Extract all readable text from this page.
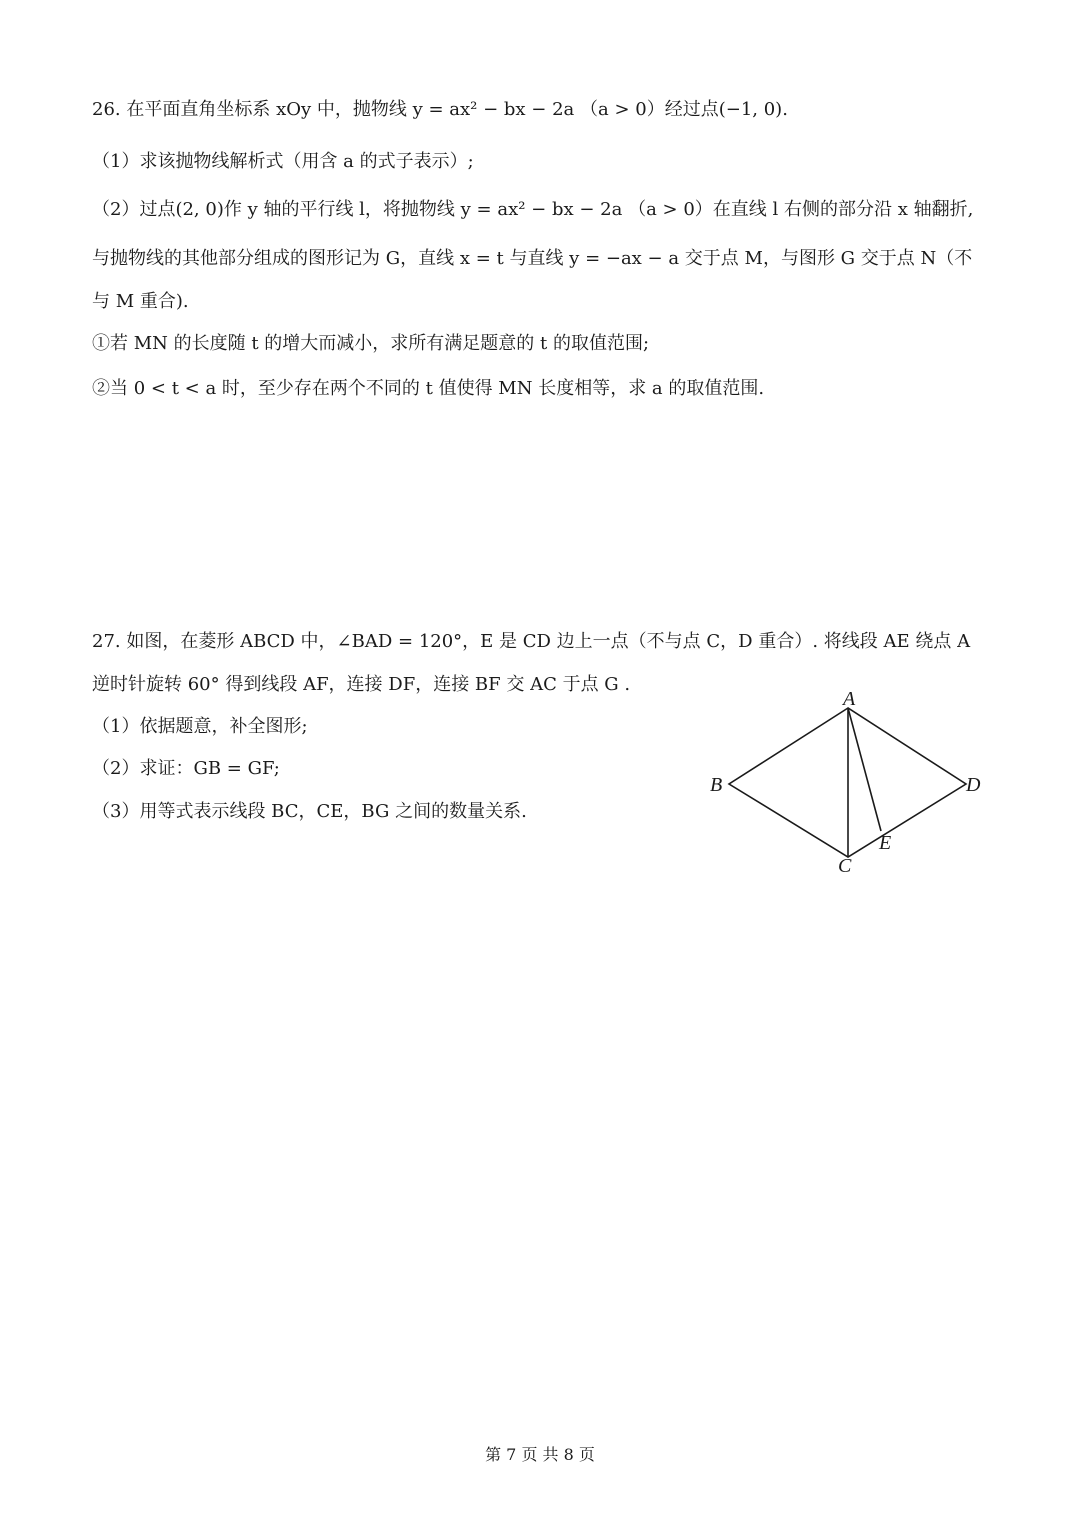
26. 在平面直角坐标系 xOy 中，抛物线 y = ax² − bx − 2a （a > 0）经过点(−1, 0).
（1）求该抛物线解析式（用含 a 的式子表示）;
（2）过点(2, 0)作 y 轴的平行线 l，将抛物线 y = ax² − bx − 2a （a > 0）在直线 l 右侧的部分沿 x 轴翻折,
与抛物线的其他部分组成的图形记为 G，直线 x = t 与直线 y = −ax − a 交于点 M，与图形 G 交于点 N（不
与 M 重合).
①若 MN 的长度随 t 的增大而减小，求所有满足题意的 t 的取值范围;
②当 0 < t < a 时，至少存在两个不同的 t 值使得 MN 长度相等，求 a 的取值范围.
27. 如图，在菱形 ABCD 中，∠BAD = 120°，E 是 CD 边上一点（不与点 C，D 重合）. 将线段 AE 绕点 A
逆时针旋转 60° 得到线段 AF，连接 DF，连接 BF 交 AC 于点 G .
（1）依据题意，补全图形;
（2）求证：GB = GF;
（3）用等式表示线段 BC，CE，BG 之间的数量关系.
A
B
C
D
E
第 7 页 共 8 页
